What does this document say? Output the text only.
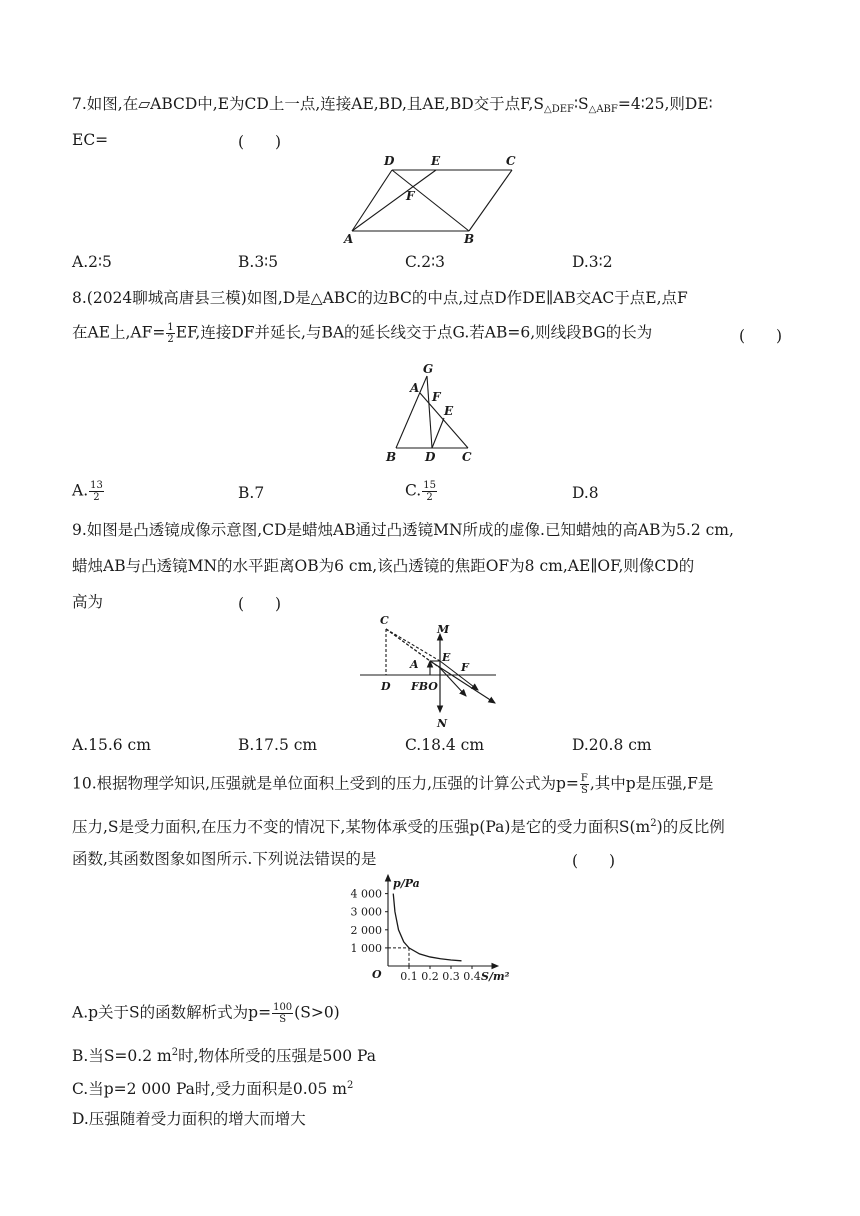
7.如图,在▱ABCD中,E为CD上一点,连接AE,BD,且AE,BD交于点$F,S_{\triangle DEF}∶S_{\triangle ABF}=4∶25$,则DE∶
EC=	(　　)
D	E	C
F
A	B
A.2∶5	B.3∶5	C.2∶3	D.3∶2
8.(2024聊城高唐县三模)如图,D是△ABC的边BC的中点,过点D作DE∥AB交AC于点E,点F
在AE上$,AF= \frac{1}{2}$ EF,连接DF并延长,与BA的延长线交于点G.若AB=6,则线段BG的长为	(　　)
G
A
F
E
B D C
A. $\frac{13}{2}$	B.7	C. $\frac{15}{2}$	D.8
9.如图是凸透镜成像示意图,CD是蜡烛AB通过凸透镜MN所成的虚像.已知蜡烛的高AB为5.2 cm,
蜡烛AB与凸透镜MN的水平距离OB为6 cm,该凸透镜的焦距OF为8 cm,AE∥OF,则像CD的
高为	(　　)
C
M
A
E
F
D FBO
N
A.15.6 cm	B.17.5 cm	C.18.4 cm	D.20.8 cm
10.根据物理学知识,压强就是单位面积上受到的压力,压强的计算公式为$p= \frac{F}{S}$ ,其中p是压强,F是
压力,S是受力面积,在压力不变的情况下,某物体承受的压强p(Pa)是它的受力面积$S(m^2)$的反比例
函数,其函数图象如图所示.下列说法错误的是	(　　)
1 000
2 000
3 000
4 000
0.1 0.2 0.3 0.4
p/Pa
S/m²
O
A.p关于S的函数解析式为$p= \frac{100}{S} (S>0)$
B.当S=0.2 $m^2$时,物体所受的压强是500 Pa
C.当p=2 000 Pa时,受力面积是0.05 $m^2$
D.压强随着受力面积的增大而增大
